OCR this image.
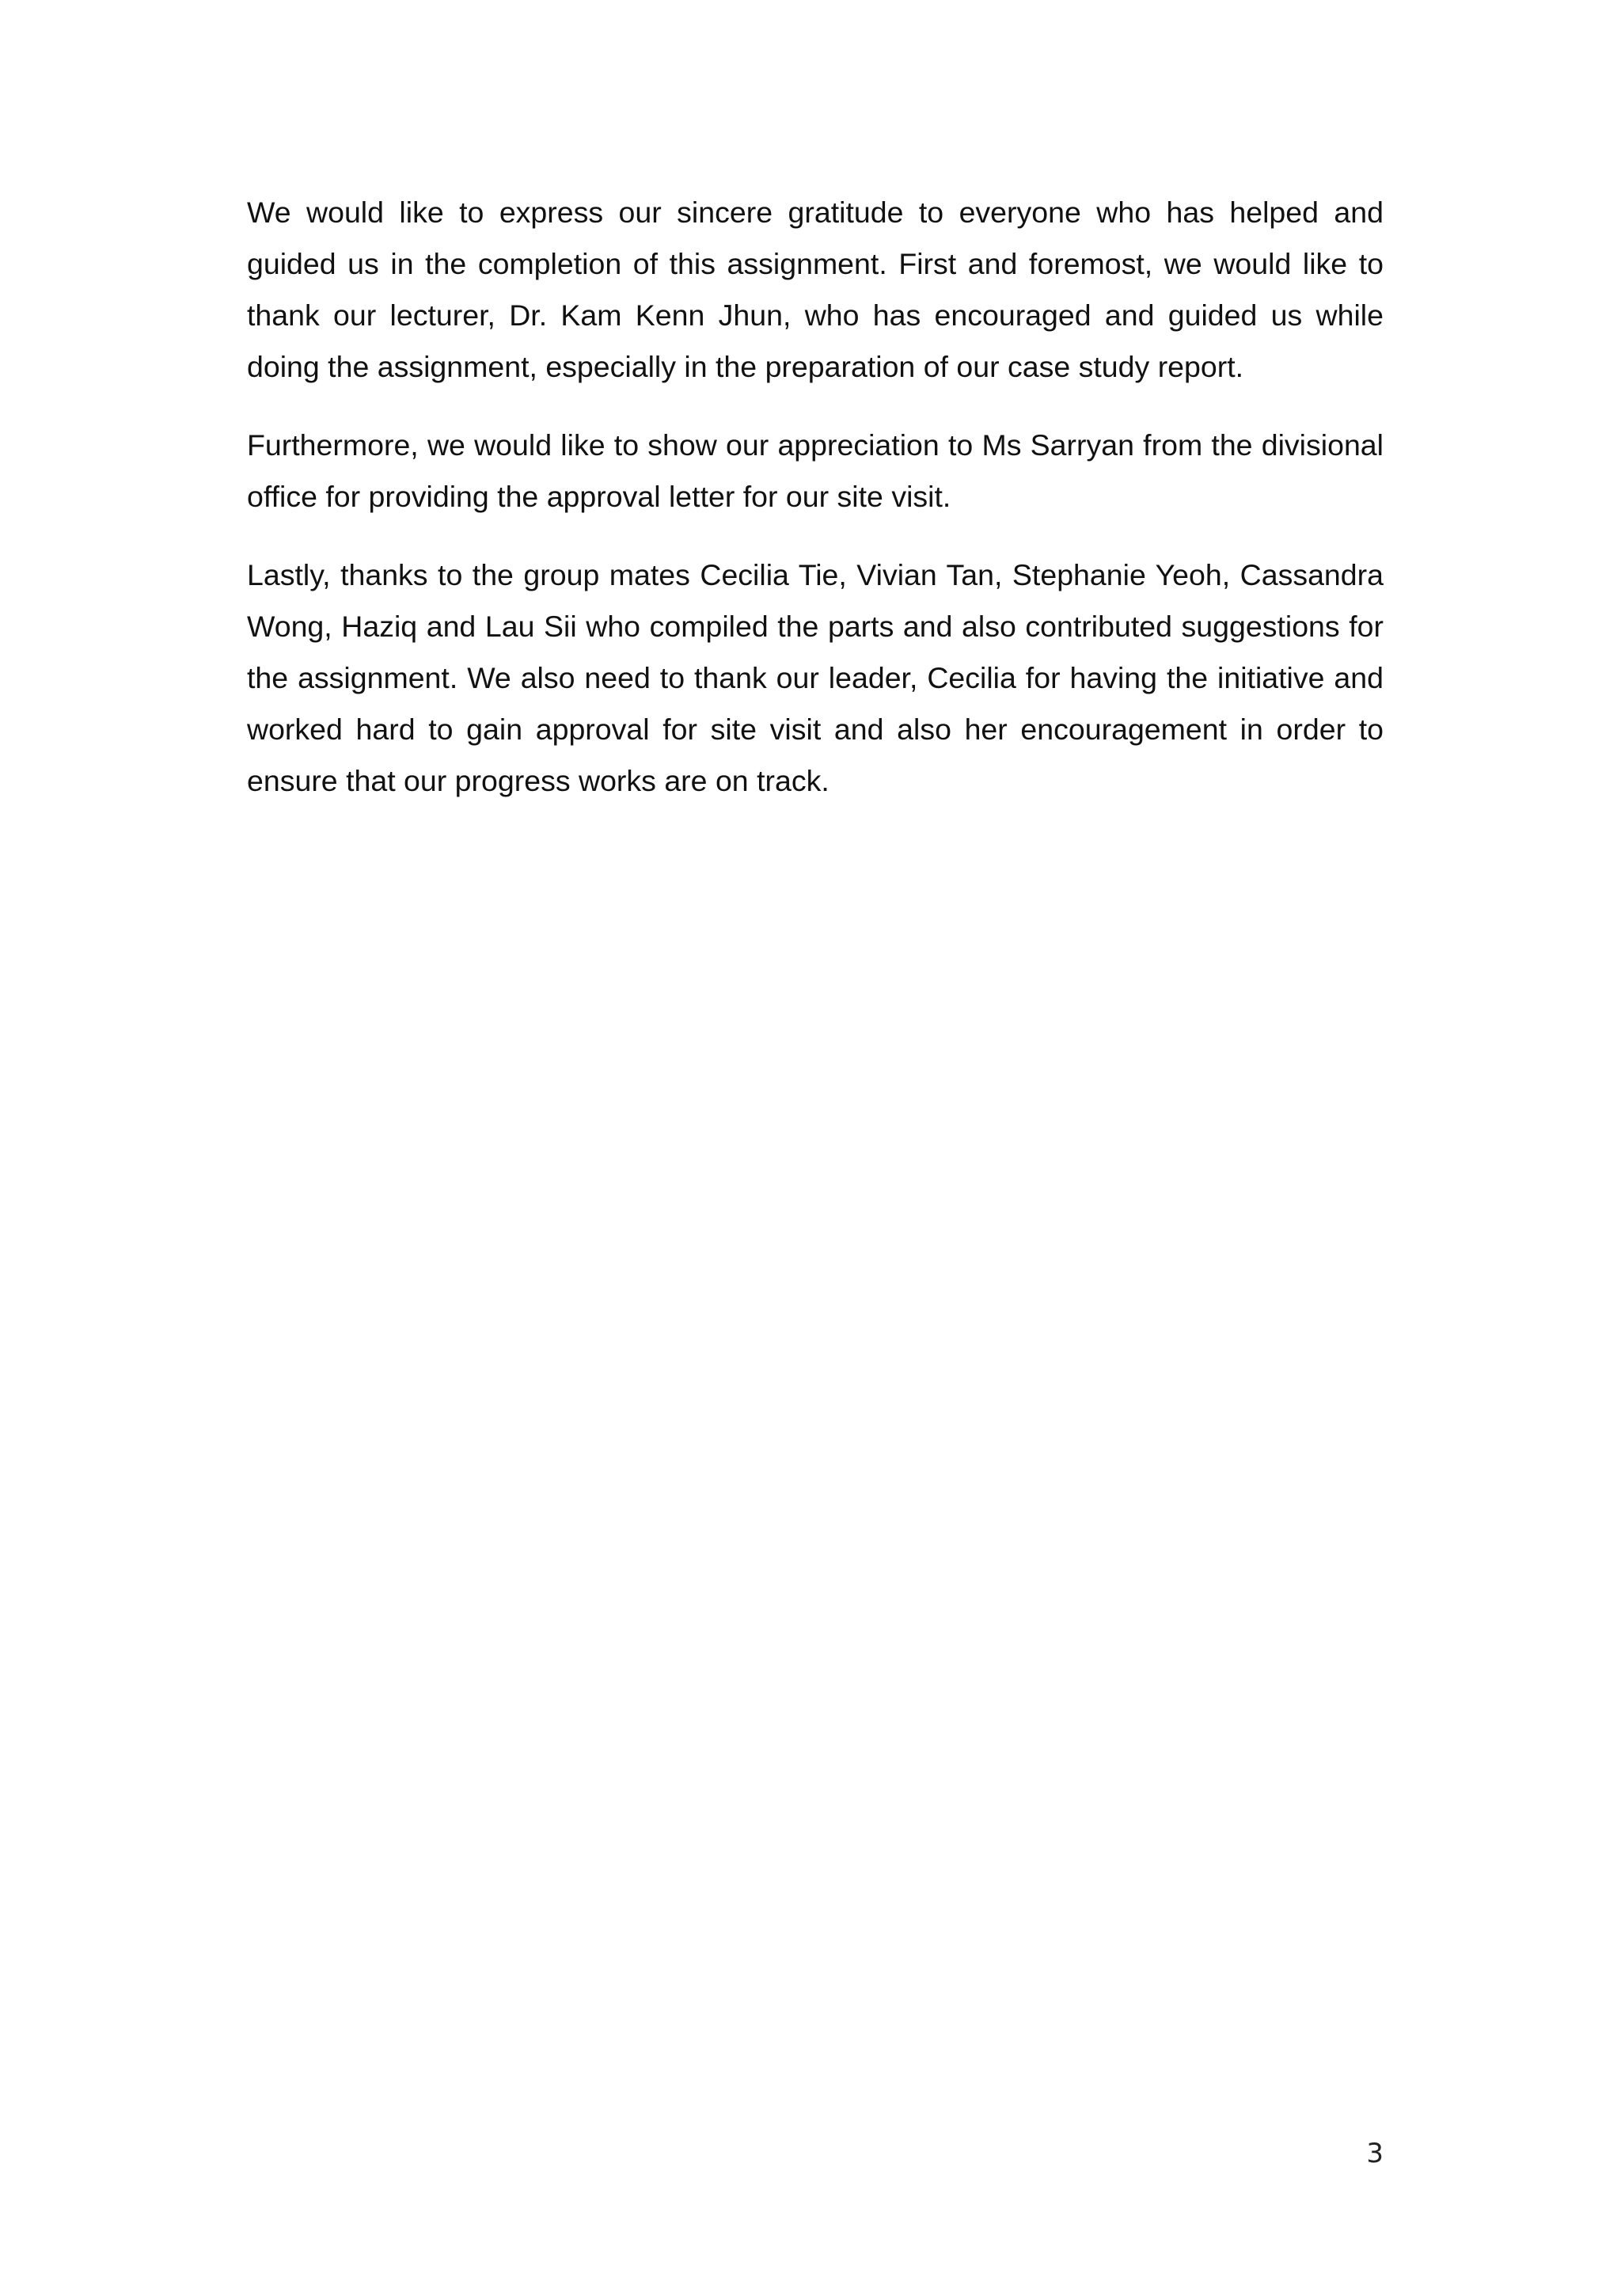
We would like to express our sincere gratitude to everyone who has helped and guided us in the completion of this assignment. First and foremost, we would like to thank our lecturer, Dr. Kam Kenn Jhun, who has encouraged and guided us while doing the assignment, especially in the preparation of our case study report.

Furthermore, we would like to show our appreciation to Ms Sarryan from the divisional office for providing the approval letter for our site visit.

Lastly, thanks to the group mates Cecilia Tie, Vivian Tan, Stephanie Yeoh, Cassandra Wong, Haziq and Lau Sii who compiled the parts and also contributed suggestions for the assignment. We also need to thank our leader, Cecilia for having the initiative and worked hard to gain approval for site visit and also her encouragement in order to ensure that our progress works are on track.

3
